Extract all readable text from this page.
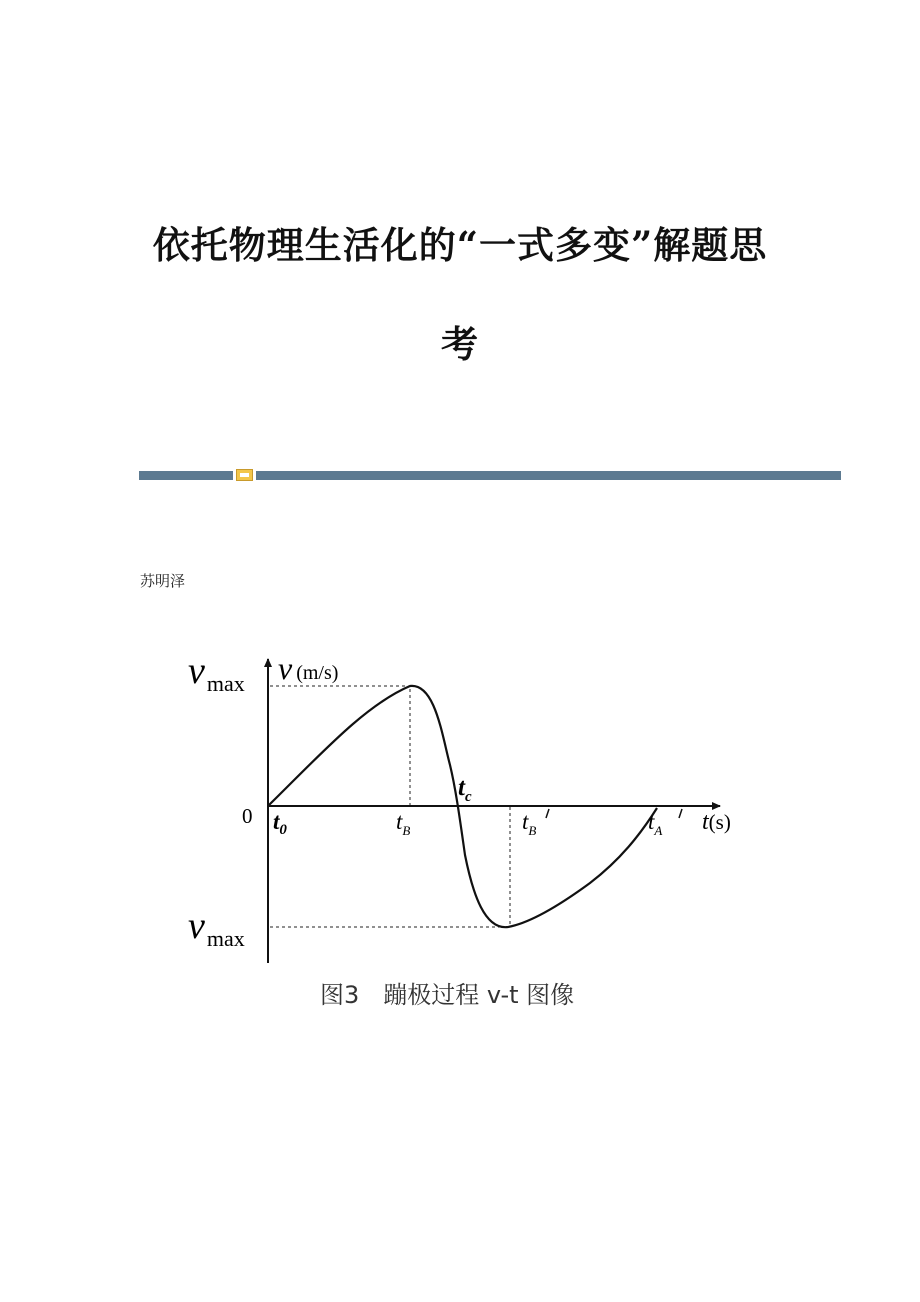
依托物理生活化的“一式多变”解题思
考
苏明泽
$v_{max}$ v (m/s)
0 $t_0$	$t_B$
$t_c$
$t_B$	$t_A$ t(s)
$v_{max}$
图3　蹦极过程 v-t 图像
